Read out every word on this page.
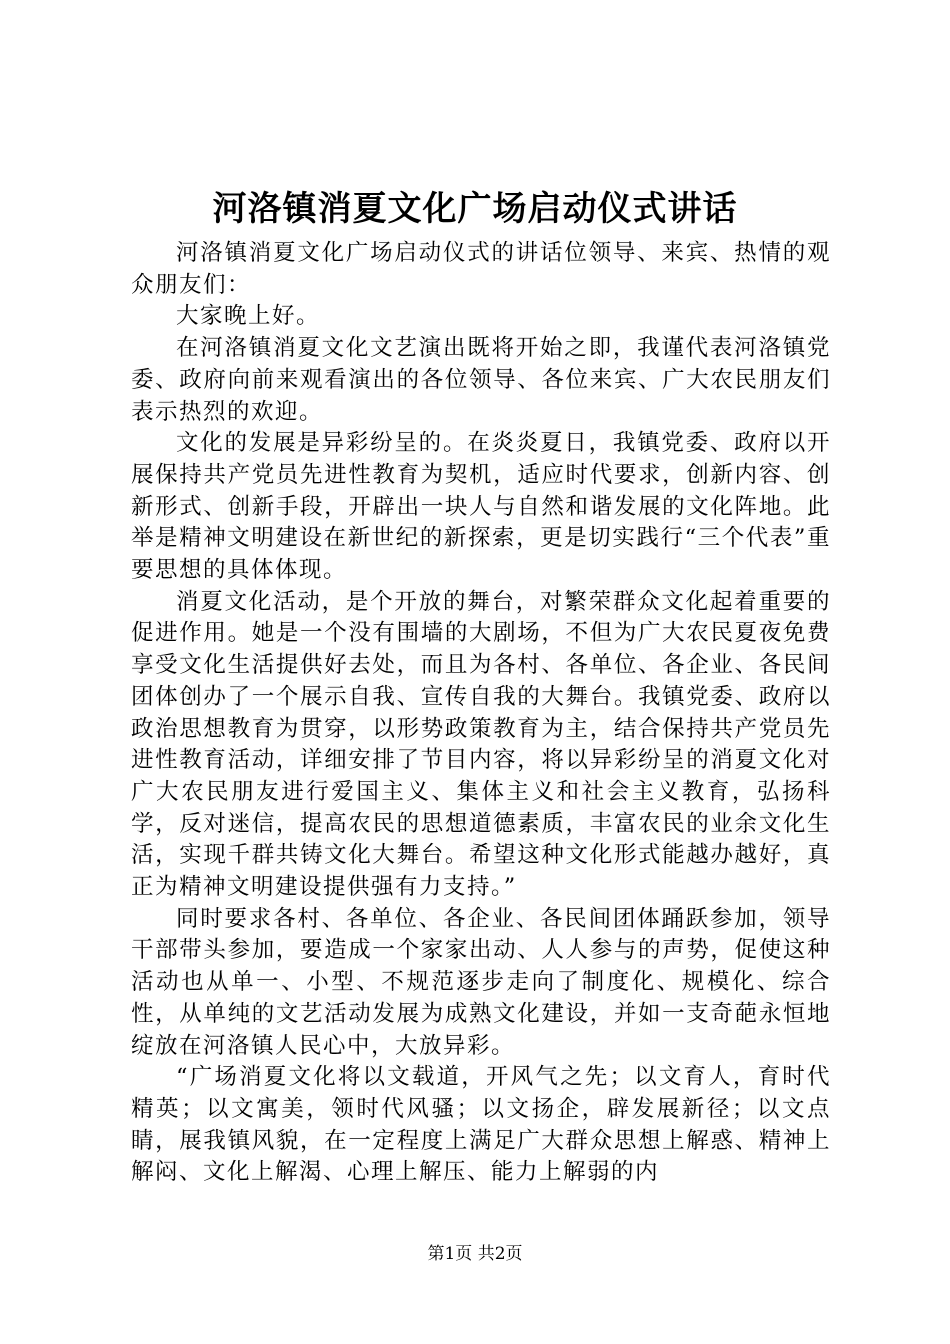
河洛镇消夏文化广场启动仪式讲话

河洛镇消夏文化广场启动仪式的讲话位领导、来宾、热情的观众朋友们：

大家晚上好。

在河洛镇消夏文化文艺演出既将开始之即，我谨代表河洛镇党委、政府向前来观看演出的各位领导、各位来宾、广大农民朋友们表示热烈的欢迎。

文化的发展是异彩纷呈的。在炎炎夏日，我镇党委、政府以开展保持共产党员先进性教育为契机，适应时代要求，创新内容、创新形式、创新手段，开辟出一块人与自然和谐发展的文化阵地。此举是精神文明建设在新世纪的新探索，更是切实践行“三个代表”重要思想的具体体现。

消夏文化活动，是个开放的舞台，对繁荣群众文化起着重要的促进作用。她是一个没有围墙的大剧场，不但为广大农民夏夜免费享受文化生活提供好去处，而且为各村、各单位、各企业、各民间团体创办了一个展示自我、宣传自我的大舞台。我镇党委、政府以政治思想教育为贯穿，以形势政策教育为主，结合保持共产党员先进性教育活动，详细安排了节目内容，将以异彩纷呈的消夏文化对广大农民朋友进行爱国主义、集体主义和社会主义教育，弘扬科学，反对迷信，提高农民的思想道德素质，丰富农民的业余文化生活，实现千群共铸文化大舞台。希望这种文化形式能越办越好，真正为精神文明建设提供强有力支持。”

同时要求各村、各单位、各企业、各民间团体踊跃参加，领导干部带头参加，要造成一个家家出动、人人参与的声势，促使这种活动也从单一、小型、不规范逐步走向了制度化、规模化、综合性，从单纯的文艺活动发展为成熟文化建设，并如一支奇葩永恒地绽放在河洛镇人民心中，大放异彩。

“广场消夏文化将以文载道，开风气之先；以文育人，育时代精英；以文寓美，领时代风骚；以文扬企，辟发展新径；以文点睛，展我镇风貌，在一定程度上满足广大群众思想上解惑、精神上解闷、文化上解渴、心理上解压、能力上解弱的内

第1页 共2页
